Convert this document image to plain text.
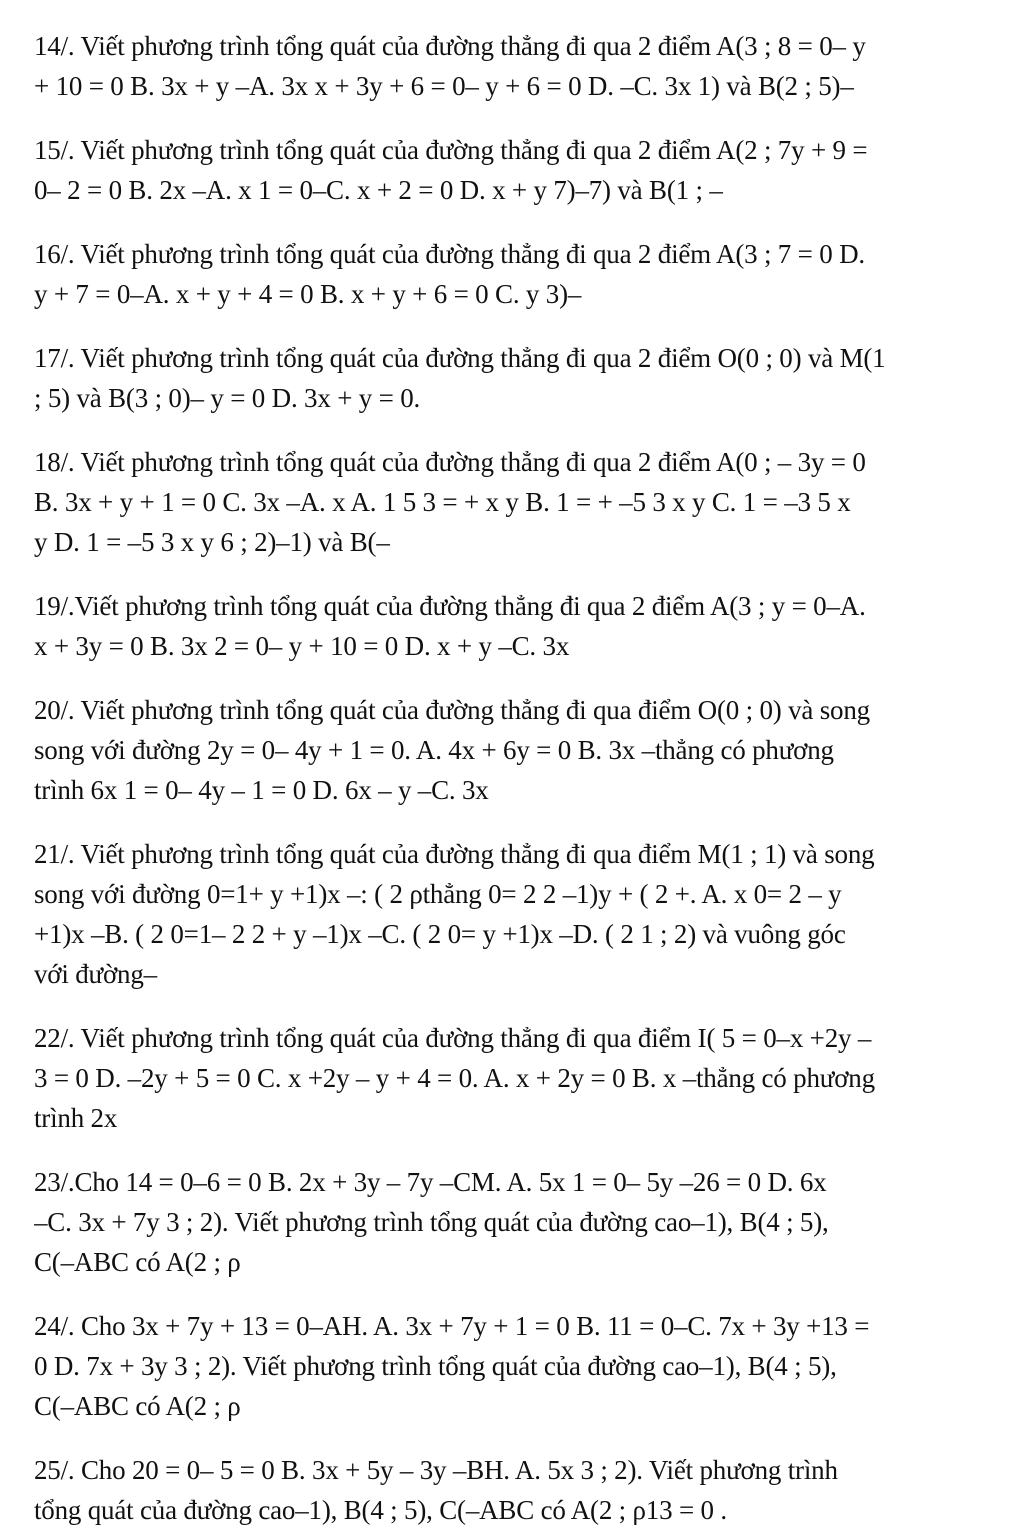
14/. Viết phương trình tổng quát của đường thẳng đi qua 2 điểm A(3 ; 8 = 0– y
+ 10 = 0 B. 3x + y –A. 3x x + 3y + 6 = 0– y + 6 = 0 D. –C. 3x 1) và B(2 ; 5)–
15/. Viết phương trình tổng quát của đường thẳng đi qua 2 điểm A(2 ; 7y + 9 =
0– 2 = 0 B. 2x –A. x 1 = 0–C. x + 2 = 0 D. x + y 7)–7) và B(1 ; –
16/. Viết phương trình tổng quát của đường thẳng đi qua 2 điểm A(3 ; 7 = 0 D.
y + 7 = 0–A. x + y + 4 = 0 B. x + y + 6 = 0 C. y 3)–
17/. Viết phương trình tổng quát của đường thẳng đi qua 2 điểm O(0 ; 0) và M(1
; 5) và B(3 ; 0)– y = 0 D. 3x + y = 0.
18/. Viết phương trình tổng quát của đường thẳng đi qua 2 điểm A(0 ; – 3y = 0
B. 3x + y + 1 = 0 C. 3x –A. x A. 1 5 3 = + x y B. 1 = + –5 3 x y C. 1 = –3 5 x
y D. 1 = –5 3 x y 6 ; 2)–1) và B(–
19/.Viết phương trình tổng quát của đường thẳng đi qua 2 điểm A(3 ; y = 0–A.
x + 3y = 0 B. 3x 2 = 0– y + 10 = 0 D. x + y –C. 3x
20/. Viết phương trình tổng quát của đường thẳng đi qua điểm O(0 ; 0) và song
song với đường 2y = 0– 4y + 1 = 0. A. 4x + 6y = 0 B. 3x –thẳng có phương
trình 6x 1 = 0– 4y – 1 = 0 D. 6x – y –C. 3x
21/. Viết phương trình tổng quát của đường thẳng đi qua điểm M(1 ; 1) và song
song với đường 0=1+ y +1)x –: ( 2 ρthẳng 0= 2 2 –1)y + ( 2 +. A. x 0= 2 – y
+1)x –B. ( 2 0=1– 2 2 + y –1)x –C. ( 2 0= y +1)x –D. ( 2 1 ; 2) và vuông góc
với đường–
22/. Viết phương trình tổng quát của đường thẳng đi qua điểm I( 5 = 0–x +2y –
3 = 0 D. –2y + 5 = 0 C. x +2y – y + 4 = 0. A. x + 2y = 0 B. x –thẳng có phương
trình 2x
23/.Cho 14 = 0–6 = 0 B. 2x + 3y – 7y –CM. A. 5x 1 = 0– 5y –26 = 0 D. 6x
–C. 3x + 7y 3 ; 2). Viết phương trình tổng quát của đường cao–1), B(4 ; 5),
C(–ABC có A(2 ; ρ
24/. Cho 3x + 7y + 13 = 0–AH. A. 3x + 7y + 1 = 0 B. 11 = 0–C. 7x + 3y +13 =
0 D. 7x + 3y 3 ; 2). Viết phương trình tổng quát của đường cao–1), B(4 ; 5),
C(–ABC có A(2 ; ρ
25/. Cho 20 = 0– 5 = 0 B. 3x + 5y – 3y –BH. A. 5x 3 ; 2). Viết phương trình
tổng quát của đường cao–1), B(4 ; 5), C(–ABC có A(2 ; ρ13 = 0 .
